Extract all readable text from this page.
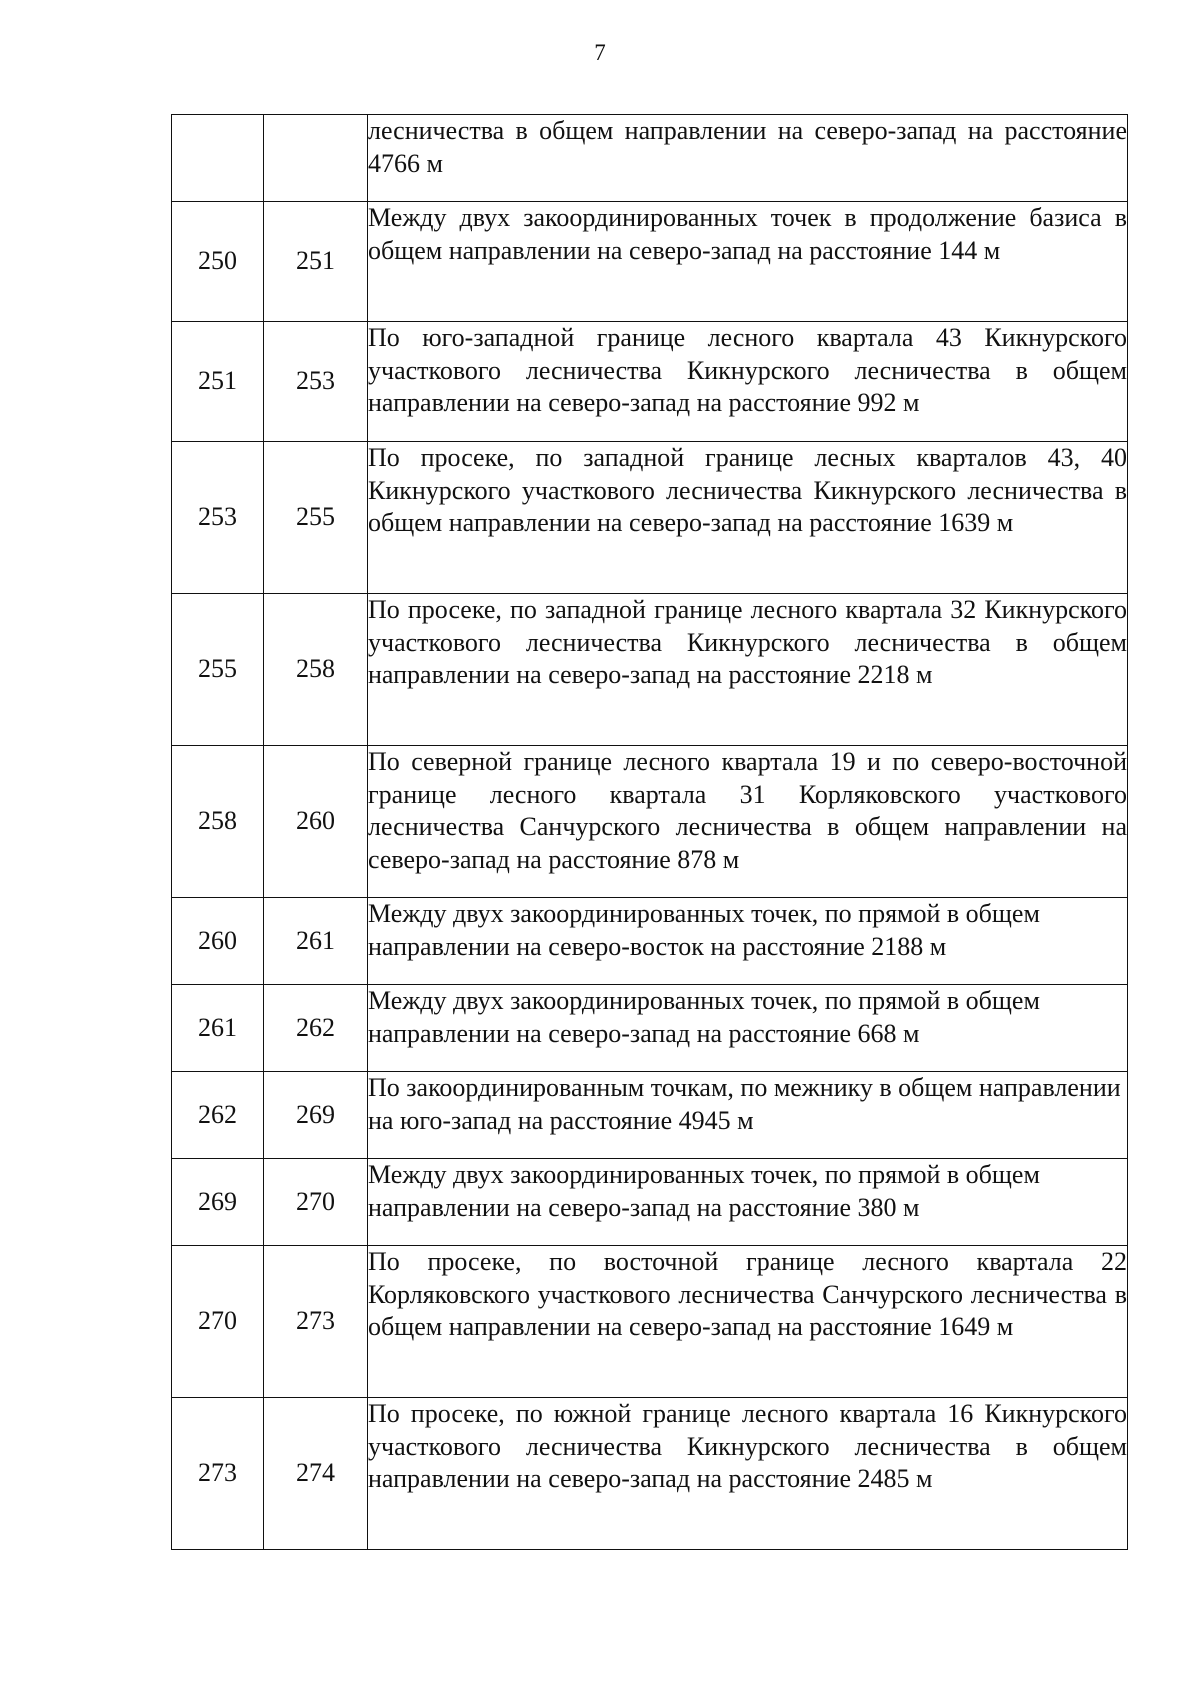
7
		лесничества в общем направлении на северо-запад на расстояние 4766 м
250	251	Между двух закоординированных точек в продолжение базиса в общем направлении на северо-запад на расстояние 144 м
251	253	По юго-западной границе лесного квартала 43 Кикнурского участкового лесничества Кикнурского лесничества в общем направлении на северо-запад на расстояние 992 м
253	255	По просеке, по западной границе лесных кварталов 43, 40 Кикнурского участкового лесничества Кикнурского лесничества в общем направлении на северо-запад на расстояние 1639 м
255	258	По просеке, по западной границе лесного квартала 32 Кикнурского участкового лесничества Кикнурского лесничества в общем направлении на северо-запад на расстояние 2218 м
258	260	По северной границе лесного квартала 19 и по северо-восточной границе лесного квартала 31 Корляковского участкового лесничества Санчурского лесничества в общем направлении на северо-запад на расстояние 878 м
260	261	Между двух закоординированных точек, по прямой в общем направлении на северо-восток на расстояние 2188 м
261	262	Между двух закоординированных точек, по прямой в общем направлении на северо-запад на расстояние 668 м
262	269	По закоординированным точкам, по межнику в общем направлении на юго-запад на расстояние 4945 м
269	270	Между двух закоординированных точек, по прямой в общем направлении на северо-запад на расстояние 380 м
270	273	По просеке, по восточной границе лесного квартала 22 Корляковского участкового лесничества Санчурского лесничества в общем направлении на северо-запад на расстояние 1649 м
273	274	По просеке, по южной границе лесного квартала 16 Кикнурского участкового лесничества Кикнурского лесничества в общем направлении на северо-запад на расстояние 2485 м
